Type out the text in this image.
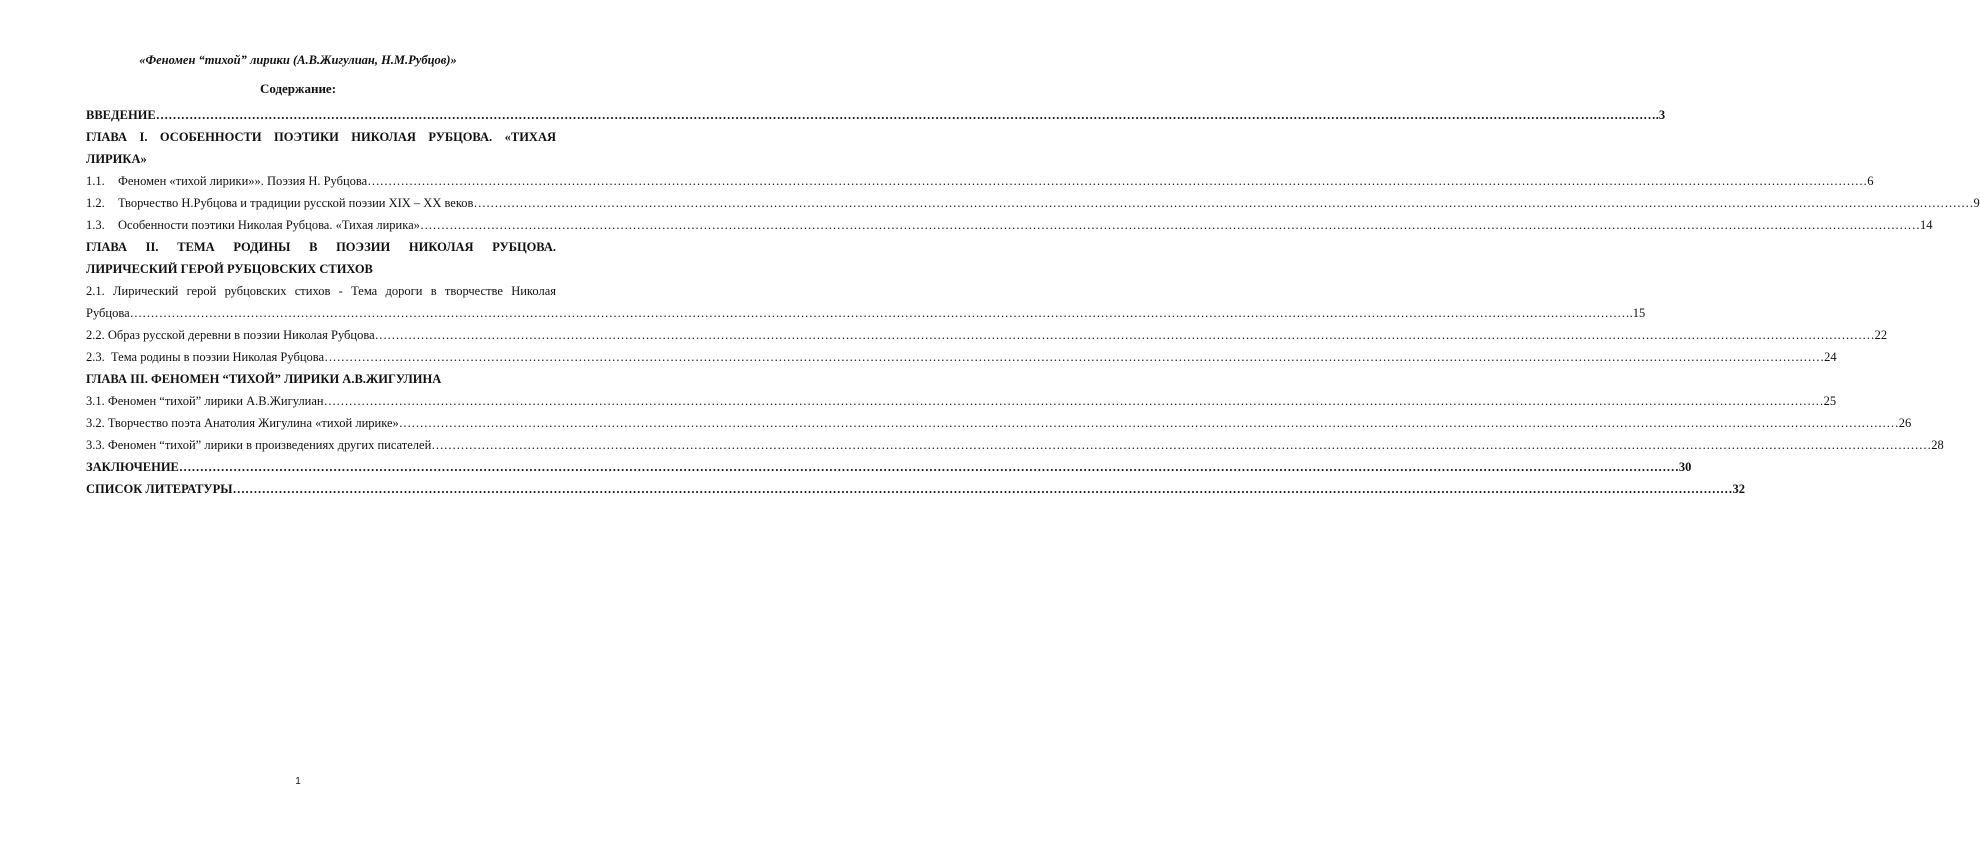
«Феномен “тихой” лирики (А.В.Жигулиан, Н.М.Рубцов)»
Содержание:
ВВЕДЕНИЕ ……………………………………………………………………………………………………………………………………………………………………………………………………………………………………………………………………………………………………………………………… .3
ГЛАВА I. ОСОБЕННОСТИ ПОЭТИКИ НИКОЛАЯ РУБЦОВА. «ТИХАЯ
ЛИРИКА»
1.1. Феномен «тихой лирики»». Поэзия Н. Рубцова ……………………………………………………………………………………………………………………………………………………………………………………………………………………………………………………………………………………………………………………………… 6
1.2. Творчество Н.Рубцова и традиции русской поэзии XIX – XX веков ……………………………………………………………………………………………………………………………………………………………………………………………………………………………………………………………………………………………………………………………… 9
1.3. Особенности поэтики Николая Рубцова. «Тихая лирика» ……………………………………………………………………………………………………………………………………………………………………………………………………………………………………………………………………………………………………………………………… 14
ГЛАВА II. ТЕМА РОДИНЫ В ПОЭЗИИ НИКОЛАЯ РУБЦОВА.
ЛИРИЧЕСКИЙ ГЕРОЙ РУБЦОВСКИХ СТИХОВ
2.1. Лирический герой рубцовских стихов - Тема дороги в творчестве Николая
Рубцова ……………………………………………………………………………………………………………………………………………………………………………………………………………………………………………………………………………………………………………………………… .15
2.2. Образ русской деревни в поэзии Николая Рубцова ……………………………………………………………………………………………………………………………………………………………………………………………………………………………………………………………………………………………………………………………… 22
2.3.  Тема родины в поэзии Николая Рубцова ……………………………………………………………………………………………………………………………………………………………………………………………………………………………………………………………………………………………………………………………… 24
ГЛАВА III. ФЕНОМЕН “ТИХОЙ” ЛИРИКИ А.В.ЖИГУЛИНА
3.1. Феномен “тихой” лирики А.В.Жигулиан ……………………………………………………………………………………………………………………………………………………………………………………………………………………………………………………………………………………………………………………………… 25
3.2. Творчество поэта Анатолия Жигулина «тихой лирике» ……………………………………………………………………………………………………………………………………………………………………………………………………………………………………………………………………………………………………………………………… 26
3.3. Феномен “тихой” лирики в произведениях других писателей ……………………………………………………………………………………………………………………………………………………………………………………………………………………………………………………………………………………………………………………………… 28
ЗАКЛЮЧЕНИЕ ……………………………………………………………………………………………………………………………………………………………………………………………………………………………………………………………………………………………………………………………… 30
СПИСОК ЛИТЕРАТУРЫ ……………………………………………………………………………………………………………………………………………………………………………………………………………………………………………………………………………………………………………………………… 32
1
